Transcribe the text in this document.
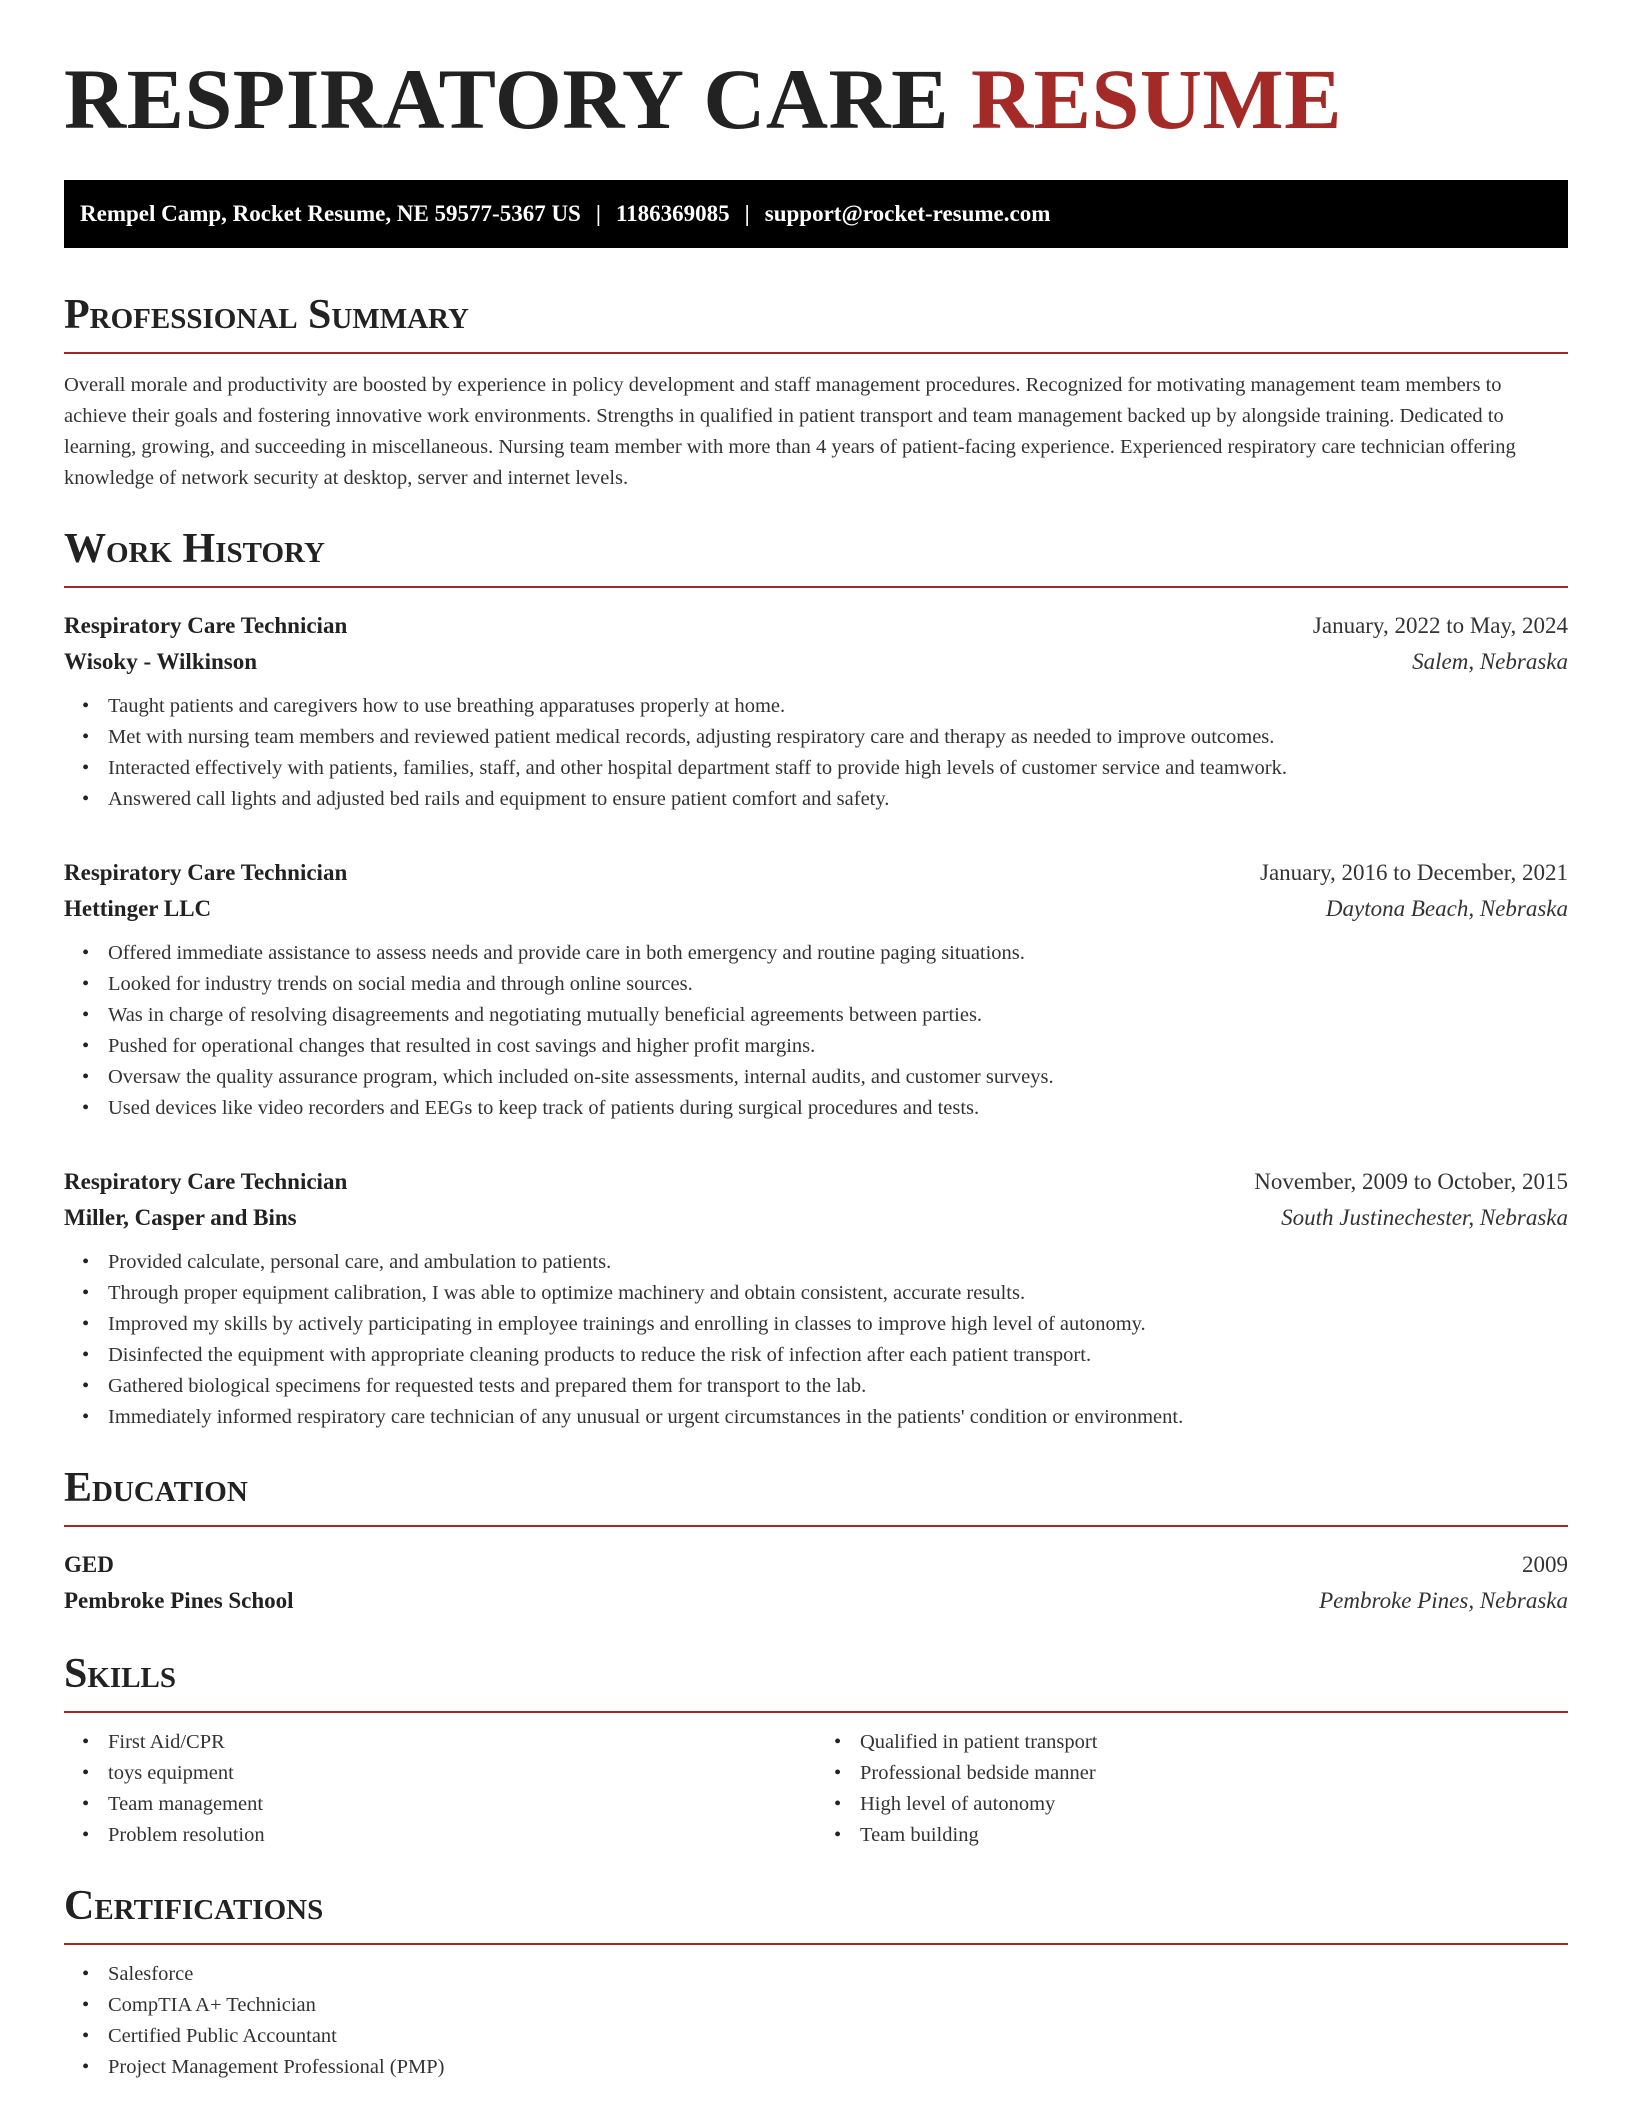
RESPIRATORY CARE RESUME
Rempel Camp, Rocket Resume, NE 59577-5367 US | 1186369085 | support@rocket-resume.com
Professional Summary

Overall morale and productivity are boosted by experience in policy development and staff management procedures. Recognized for motivating management team members to achieve their goals and fostering innovative work environments. Strengths in qualified in patient transport and team management backed up by alongside training. Dedicated to learning, growing, and succeeding in miscellaneous. Nursing team member with more than 4 years of patient-facing experience. Experienced respiratory care technician offering knowledge of network security at desktop, server and internet levels.

Work History
Respiratory Care Technician	January, 2022 to May, 2024
Wisoky - Wilkinson	Salem, Nebraska
• Taught patients and caregivers how to use breathing apparatuses properly at home.
• Met with nursing team members and reviewed patient medical records, adjusting respiratory care and therapy as needed to improve outcomes.
• Interacted effectively with patients, families, staff, and other hospital department staff to provide high levels of customer service and teamwork.
• Answered call lights and adjusted bed rails and equipment to ensure patient comfort and safety.
Respiratory Care Technician	January, 2016 to December, 2021
Hettinger LLC	Daytona Beach, Nebraska
• Offered immediate assistance to assess needs and provide care in both emergency and routine paging situations.
• Looked for industry trends on social media and through online sources.
• Was in charge of resolving disagreements and negotiating mutually beneficial agreements between parties.
• Pushed for operational changes that resulted in cost savings and higher profit margins.
• Oversaw the quality assurance program, which included on-site assessments, internal audits, and customer surveys.
• Used devices like video recorders and EEGs to keep track of patients during surgical procedures and tests.
Respiratory Care Technician	November, 2009 to October, 2015
Miller, Casper and Bins	South Justinechester, Nebraska
• Provided calculate, personal care, and ambulation to patients.
• Through proper equipment calibration, I was able to optimize machinery and obtain consistent, accurate results.
• Improved my skills by actively participating in employee trainings and enrolling in classes to improve high level of autonomy.
• Disinfected the equipment with appropriate cleaning products to reduce the risk of infection after each patient transport.
• Gathered biological specimens for requested tests and prepared them for transport to the lab.
• Immediately informed respiratory care technician of any unusual or urgent circumstances in the patients' condition or environment.
Education
GED	2009
Pembroke Pines School	Pembroke Pines, Nebraska
Skills
• First Aid/CPR
• toys equipment
• Team management
• Problem resolution
• Qualified in patient transport
• Professional bedside manner
• High level of autonomy
• Team building
Certifications
• Salesforce
• CompTIA A+ Technician
• Certified Public Accountant
• Project Management Professional (PMP)
